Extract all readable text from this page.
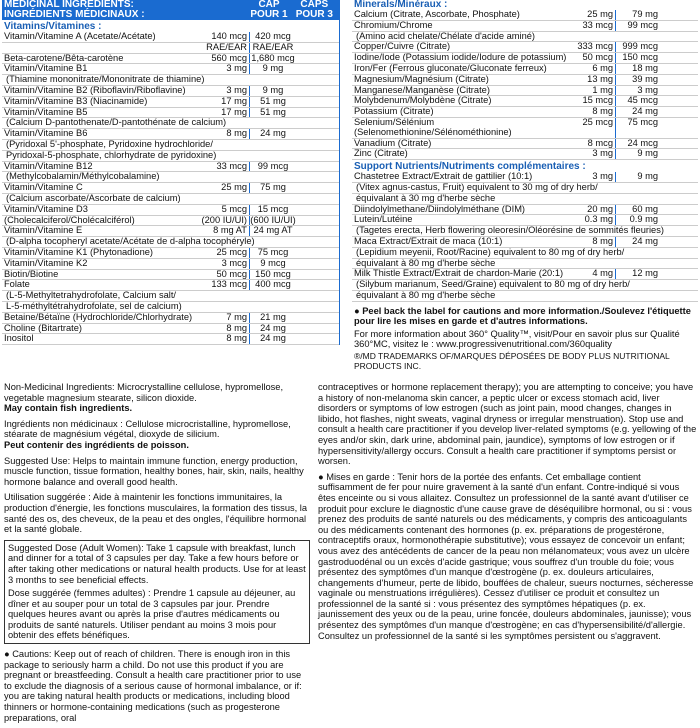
MEDICINAL INGREDIENTS:
INGRÉDIENTS MÉDICINAUX :
CAP
POUR 1 CAP
CAPS
POUR 3 CAPS
Vitamins/Vitamines :
Vitamin/Vitamine A (Acetate/Acétate)	140 mcg 420 mcg
RAE/EAR RAE/EAR
Beta-carotene/Bêta-carotène	560 mcg 1,680 mcg
Vitamin/Vitamine B1	3 mg	9 mg
(Thiamine mononitrate/Mononitrate de thiamine)
Vitamin/Vitamine B2 (Riboflavin/Riboflavine)	3 mg	9 mg
Vitamin/Vitamine B3 (Niacinamide)	17 mg	51 mg
Vitamin/Vitamine B5	17 mg	51 mg
(Calcium D-pantothenate/D-pantothénate de calcium)
Vitamin/Vitamine B6	8 mg	24 mg
(Pyridoxal 5'-phosphate, Pyridoxine hydrochloride/
Pyridoxal-5-phosphate, chlorhydrate de pyridoxine)
Vitamin/Vitamine B12	33 mcg	99 mcg
(Methylcobalamin/Méthylcobalamine)
Vitamin/Vitamine C	25 mg	75 mg
(Calcium ascorbate/Ascorbate de calcium)
Vitamin/Vitamine D3	5 mcg	15 mcg
(Cholecalciferol/Cholécalciférol)	(200 IU/UI) (600 IU/UI)
Vitamin/Vitamine E	8 mg AT 24 mg AT
(D-alpha tocopheryl acetate/Acétate de d-alpha tocophéryle)
Vitamin/Vitamine K1 (Phytonadione)	25 mcg	75 mcg
Vitamin/Vitamine K2	3 mcg	9 mcg
Biotin/Biotine	50 mcg 150 mcg
Folate	133 mcg 400 mcg
(L-5-Methyltetrahydrofolate, Calcium salt/
L-5-méthyltétrahydrofolate, sel de calcium)
Betaine/Bétaïne (Hydrochloride/Chlorhydrate)	7 mg	21 mg
Choline (Bitartrate)	8 mg	24 mg
Inositol	8 mg	24 mg
Minerals/Minéraux :
Calcium (Citrate, Ascorbate, Phosphate)	25 mg	79 mg
Chromium/Chrome	33 mcg	99 mcg
(Amino acid chelate/Chélate d'acide aminé)
Copper/Cuivre (Citrate)	333 mcg	999 mcg
Iodine/Iode (Potassium iodide/Iodure de potassium) 50 mcg	150 mcg
Iron/Fer (Ferrous gluconate/Gluconate ferreux)	6 mg	18 mg
Magnesium/Magnésium (Citrate)	13 mg	39 mg
Manganese/Manganèse (Citrate)	1 mg	3 mg
Molybdenum/Molybdène (Citrate)	15 mcg	45 mcg
Potassium (Citrate)	8 mg	24 mg
Selenium/Sélénium (Selenomethionine/Sélénométhionine)
25 mcg	75 mcg
Vanadium (Citrate)	8 mcg	24 mcg
Zinc (Citrate)	3 mg	9 mg
Support Nutrients/Nutriments complémentaires :
Chastetree Extract/Extrait de gattilier (10:1)	3 mg	9 mg
(Vitex agnus-castus, Fruit) equivalent to 30 mg of dry herb/
équivalant à 30 mg d'herbe sèche
Diindolylmethane/Diindolylméthane (DIM)	20 mg	60 mg
Lutein/Lutéine	0.3 mg	0.9 mg
(Tagetes erecta, Herb flowering oleoresin/Oléorésine de sommités fleuries)
Maca Extract/Extrait de maca (10:1)	8 mg	24 mg
(Lepidium meyenii, Root/Racine) equivalent to 80 mg of dry herb/
équivalant à 80 mg d'herbe sèche
Milk Thistle Extract/Extrait de chardon-Marie (20:1)	4 mg	12 mg
(Silybum marianum, Seed/Graine) equivalent to 80 mg of dry herb/
équivalant à 80 mg d'herbe sèche
● Peel back the label for cautions and more information./Soulevez l'étiquette pour lire les mises en garde et d'autres informations.
For more information about 360° Quality™, visit/Pour en savoir plus sur Qualité 360°MC, visitez le : www.progressivenutritional.com/360quality
®/MD TRADEMARKS OF/MARQUES DÉPOSÉES DE BODY PLUS NUTRITIONAL PRODUCTS INC.

Non-Medicinal Ingredients: Microcrystalline cellulose, hypromellose, vegetable magnesium stearate, silicon dioxide.
May contain fish ingredients.

Ingrédients non médicinaux : Cellulose microcristalline, hypromellose, stéarate de magnésium végétal, dioxyde de silicium.
Peut contenir des ingrédients de poisson.

Suggested Use: Helps to maintain immune function, energy production, muscle function, tissue formation, healthy bones, hair, skin, nails, healthy hormone balance and overall good health.

Utilisation suggérée : Aide à maintenir les fonctions immunitaires, la production d'énergie, les fonctions musculaires, la formation des tissus, la santé des os, des cheveux, de la peau et des ongles, l'équilibre hormonal et la santé globale.

Suggested Dose (Adult Women): Take 1 capsule with breakfast, lunch and dinner for a total of 3 capsules per day. Take a few hours before or after taking other medications or natural health products. Use for at least 3 months to see beneficial effects.

Dose suggérée (femmes adultes) : Prendre 1 capsule au déjeuner, au dîner et au souper pour un total de 3 capsules par jour. Prendre quelques heures avant ou après la prise d'autres médicaments ou produits de santé naturels. Utiliser pendant au moins 3 mois pour obtenir des effets bénéfiques.

● Cautions: Keep out of reach of children. There is enough iron in this package to seriously harm a child. Do not use this product if you are pregnant or breastfeeding. Consult a health care practitioner prior to use to exclude the diagnosis of a serious cause of hormonal imbalance, or if: you are taking natural health products or medications, including blood thinners or hormone-containing medications (such as progesterone preparations, oral

contraceptives or hormone replacement therapy); you are attempting to conceive; you have a history of non-melanoma skin cancer, a peptic ulcer or excess stomach acid, liver disorders or symptoms of low estrogen (such as joint pain, mood changes, changes in libido, hot flashes, night sweats, vaginal dryness or irregular menstruation). Stop use and consult a health care practitioner if you develop liver-related symptoms (e.g. yellowing of the eyes and/or skin, dark urine, abdominal pain, jaundice), symptoms of low estrogen or if hypersensitivity/allergy occurs. Consult a health care practitioner if symptoms persist or worsen.

● Mises en garde : Tenir hors de la portée des enfants. Cet emballage contient suffisamment de fer pour nuire gravement à la santé d'un enfant. Contre-indiqué si vous êtes enceinte ou si vous allaitez. Consultez un professionnel de la santé avant d'utiliser ce produit pour exclure le diagnostic d'une cause grave de déséquilibre hormonal, ou si : vous prenez des produits de santé naturels ou des médicaments, y compris des anticoagulants ou des médicaments contenant des hormones (p. ex. préparations de progestérone, contraceptifs oraux, hormonothérapie substitutive); vous essayez de concevoir un enfant; vous avez des antécédents de cancer de la peau non mélanomateux; vous avez un ulcère gastroduodénal ou un excès d'acide gastrique; vous souffrez d'un trouble du foie; vous présentez des symptômes d'un manque d'œstrogène (p. ex. douleurs articulaires, changements d'humeur, perte de libido, bouffées de chaleur, sueurs nocturnes, sécheresse vaginale ou menstruations irrégulières). Cessez d'utiliser ce produit et consultez un professionnel de la santé si : vous présentez des symptômes hépatiques (p. ex. jaunissement des yeux ou de la peau, urine foncée, douleurs abdominales, jaunisse); vous présentez des symptômes d'un manque d'œstrogène; en cas d'hypersensibilité/d'allergie. Consultez un professionnel de la santé si les symptômes persistent ou s'aggravent.
